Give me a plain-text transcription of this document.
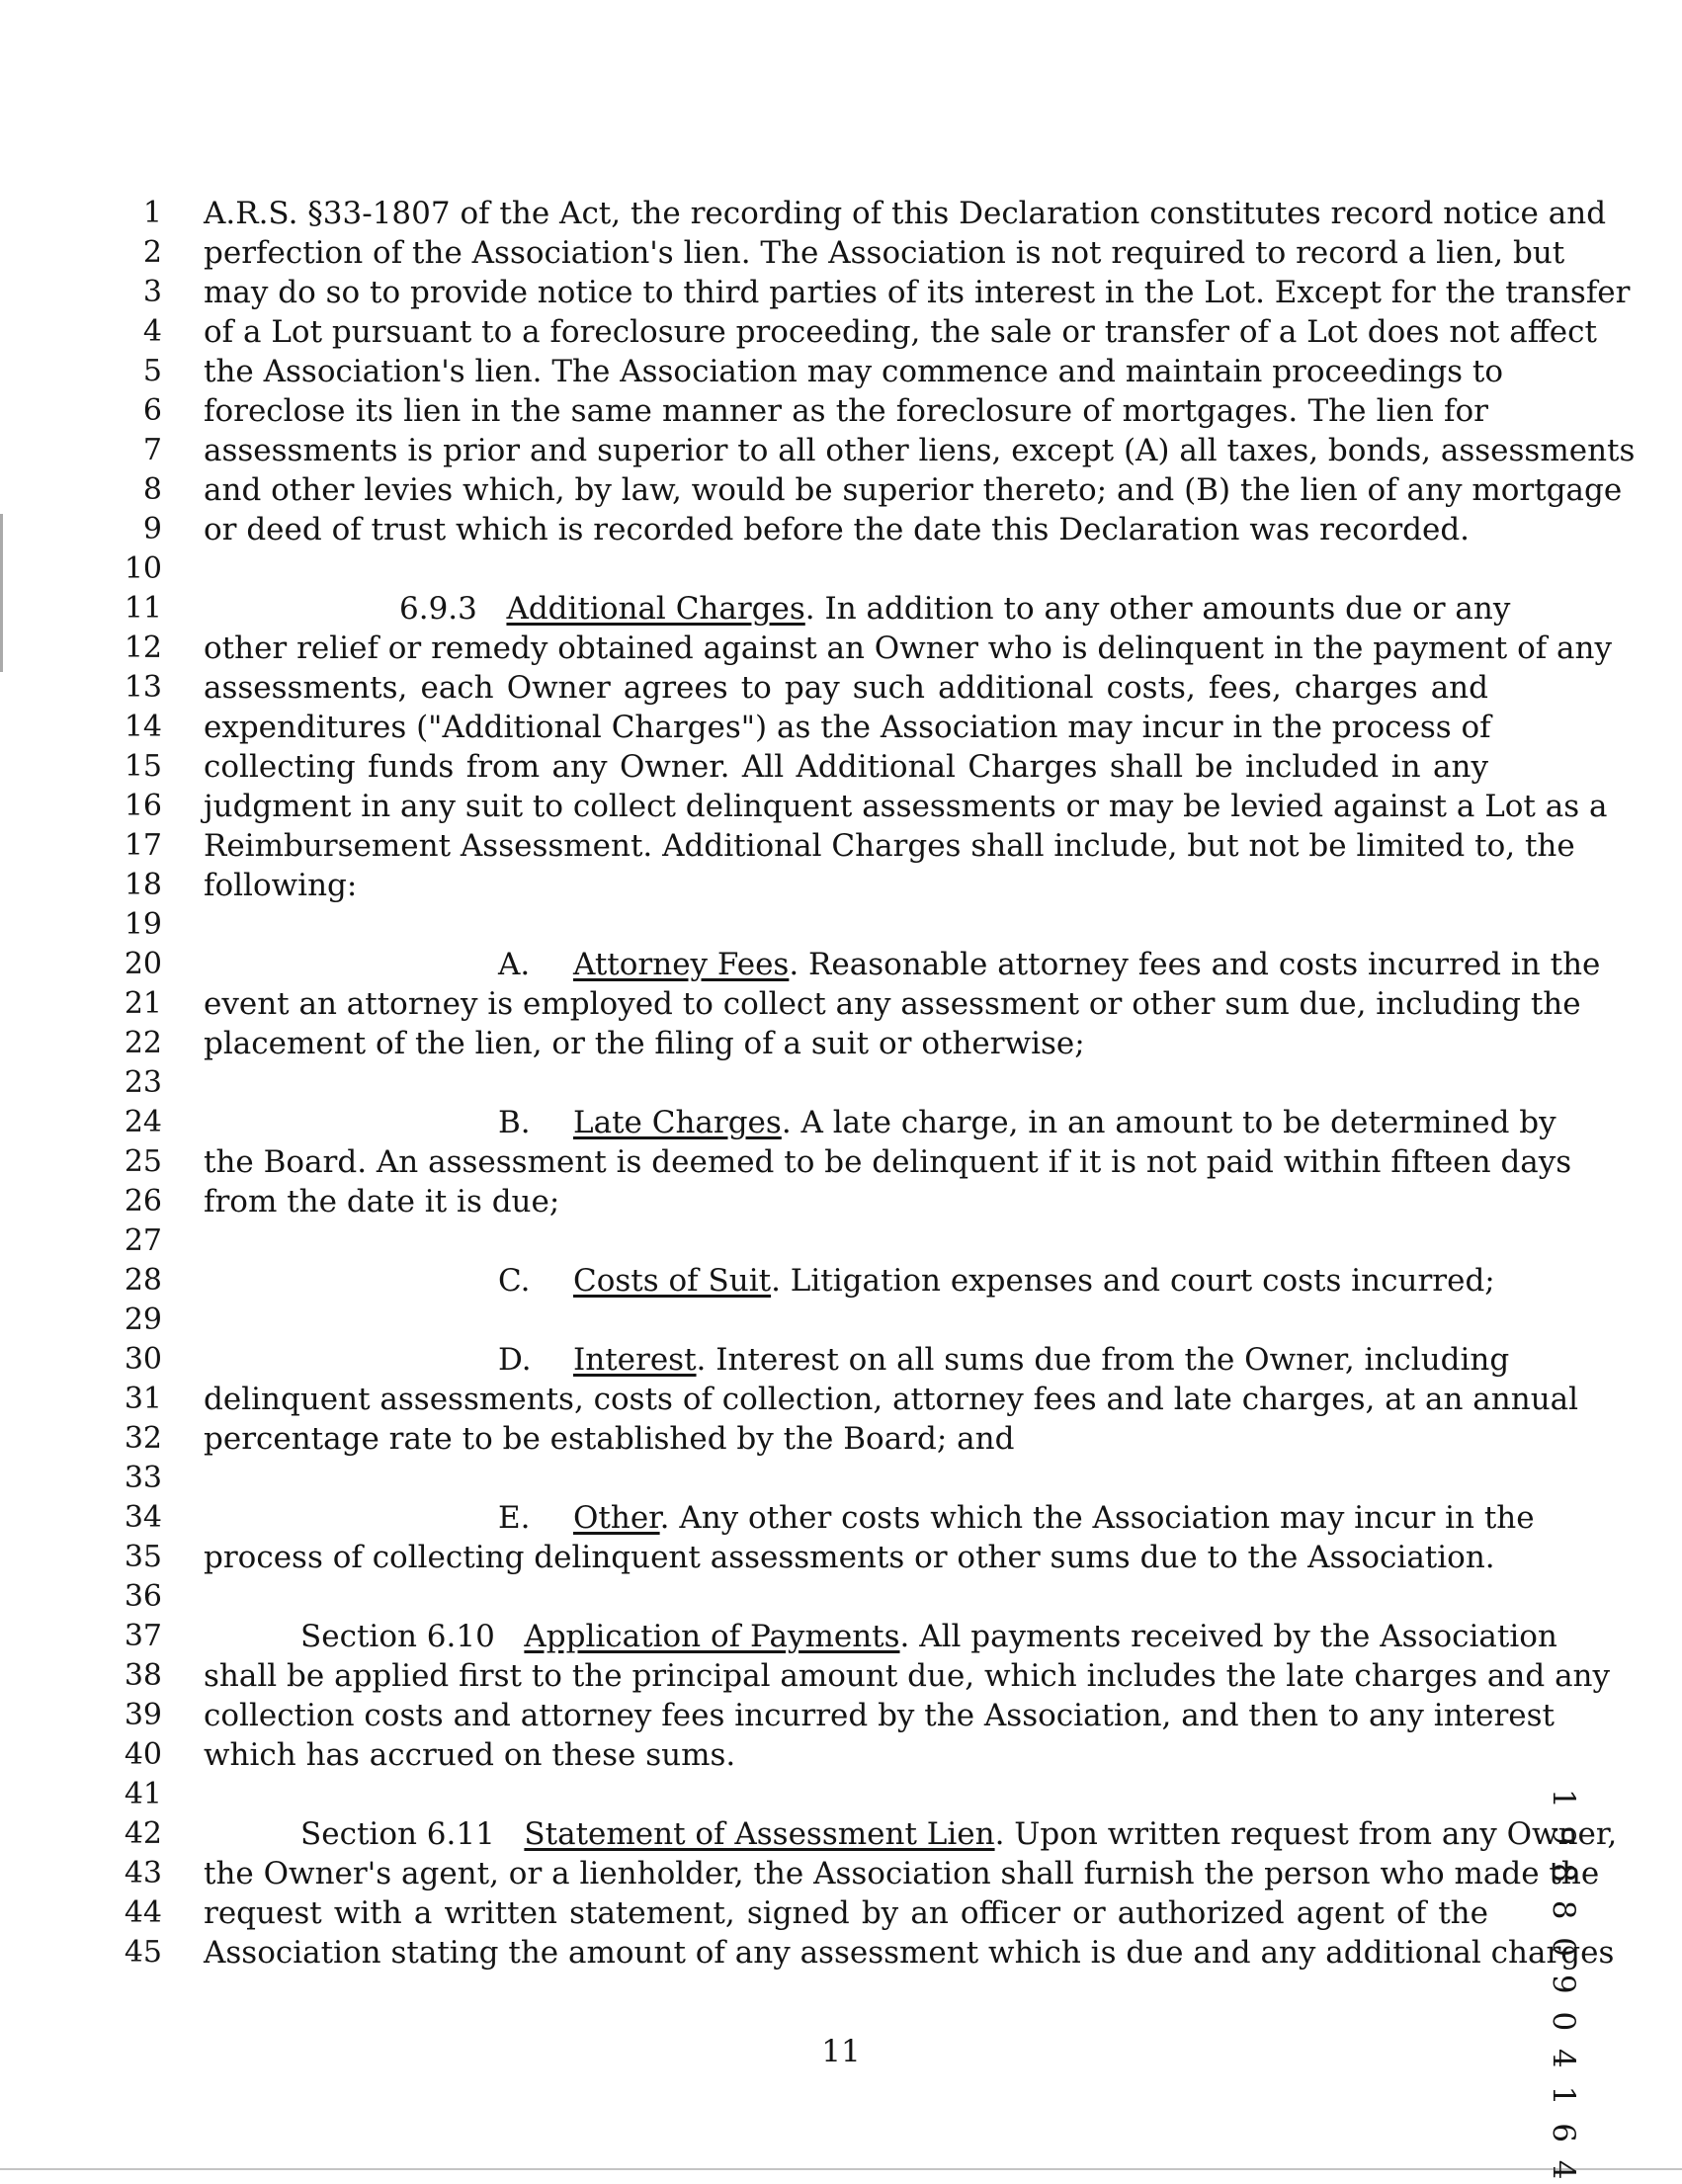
1 A.R.S. §33-1807 of the Act, the recording of this Declaration constitutes record notice and
2 perfection of the Association's lien. The Association is not required to record a lien, but
3 may do so to provide notice to third parties of its interest in the Lot. Except for the transfer
4 of a Lot pursuant to a foreclosure proceeding, the sale or transfer of a Lot does not affect
5 the Association's lien. The Association may commence and maintain proceedings to
6 foreclose its lien in the same manner as the foreclosure of mortgages. The lien for
7 assessments is prior and superior to all other liens, except (A) all taxes, bonds, assessments
8 and other levies which, by law, would be superior thereto; and (B) the lien of any mortgage
9 or deed of trust which is recorded before the date this Declaration was recorded.
10
11
12 other relief or remedy obtained against an Owner who is delinquent in the payment of any
13 assessments, each Owner agrees to pay such additional costs, fees, charges and
14 expenditures ("Additional Charges") as the Association may incur in the process of
15 collecting funds from any Owner. All Additional Charges shall be included in any
16 judgment in any suit to collect delinquent assessments or may be levied against a Lot as a
17 Reimbursement Assessment. Additional Charges shall include, but not be limited to, the
18 following:
19
20
21 event an attorney is employed to collect any assessment or other sum due, including the
22 placement of the lien, or the filing of a suit or otherwise;
23
24
25 the Board. An assessment is deemed to be delinquent if it is not paid within fifteen days
26 from the date it is due;
27
28
29
30
31 delinquent assessments, costs of collection, attorney fees and late charges, at an annual
32 percentage rate to be established by the Board; and
33
34
35 process of collecting delinquent assessments or other sums due to the Association.
36
37
38 shall be applied first to the principal amount due, which includes the late charges and any
39 collection costs and attorney fees incurred by the Association, and then to any interest
40 which has accrued on these sums.
41
42
43 the Owner's agent, or a lienholder, the Association shall furnish the person who made the
44 request with a written statement, signed by an officer or authorized agent of the
45 Association stating the amount of any assessment which is due and any additional charges
6.9.3 Additional Charges. In addition to any other amounts due or any
A. Attorney Fees. Reasonable attorney fees and costs incurred in the
B. Late Charges. A late charge, in an amount to be determined by
C. Costs of Suit. Litigation expenses and court costs incurred;
D. Interest. Interest on all sums due from the Owner, including
E. Other. Any other costs which the Association may incur in the
Section 6.10 Application of Payments. All payments received by the Association
Section 6.11 Statement of Assessment Lien. Upon written request from any Owner,
11	1 9 8 8 0 9 0 4 1 6 4
